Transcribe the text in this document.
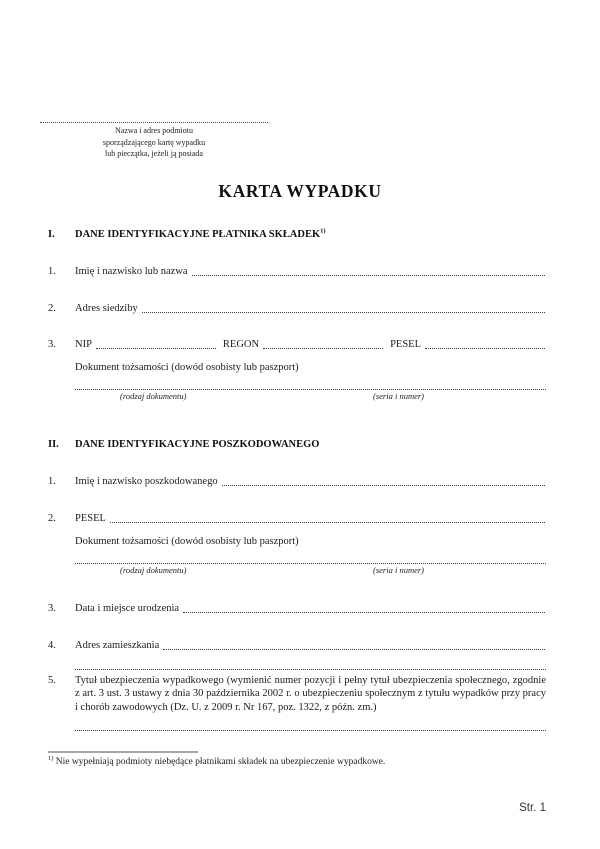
Nazwa i adres podmiotu
sporządzającego kartę wypadku
lub pieczątka, jeżeli ją posiada
KARTA WYPADKU
I.	DANE IDENTYFIKACYJNE PŁATNIKA SKŁADEK$^{1)}$
1.	Imię i nazwisko lub nazwa
2.	Adres siedziby
3.	NIP	REGON	PESEL
Dokument tożsamości (dowód osobisty lub paszport)
(rodzaj dokumentu)	(seria i numer)
II.	DANE IDENTYFIKACYJNE POSZKODOWANEGO
1.	Imię i nazwisko poszkodowanego
2.	PESEL
Dokument tożsamości (dowód osobisty lub paszport)
(rodzaj dokumentu)	(seria i numer)
3.	Data i miejsce urodzenia
4.	Adres zamieszkania
5.	Tytuł ubezpieczenia wypadkowego (wymienić numer pozycji i pełny tytuł ubezpieczenia społecznego, zgodnie z art. 3 ust. 3 ustawy z dnia 30 października 2002 r. o ubezpieczeniu społecznym z tytułu wypadków przy pracy i chorób zawodowych (Dz. U. z 2009 r. Nr 167, poz. 1322, z późn. zm.)
$^{1)}$ Nie wypełniają podmioty niebędące płatnikami składek na ubezpieczenie wypadkowe.
Str. 1
